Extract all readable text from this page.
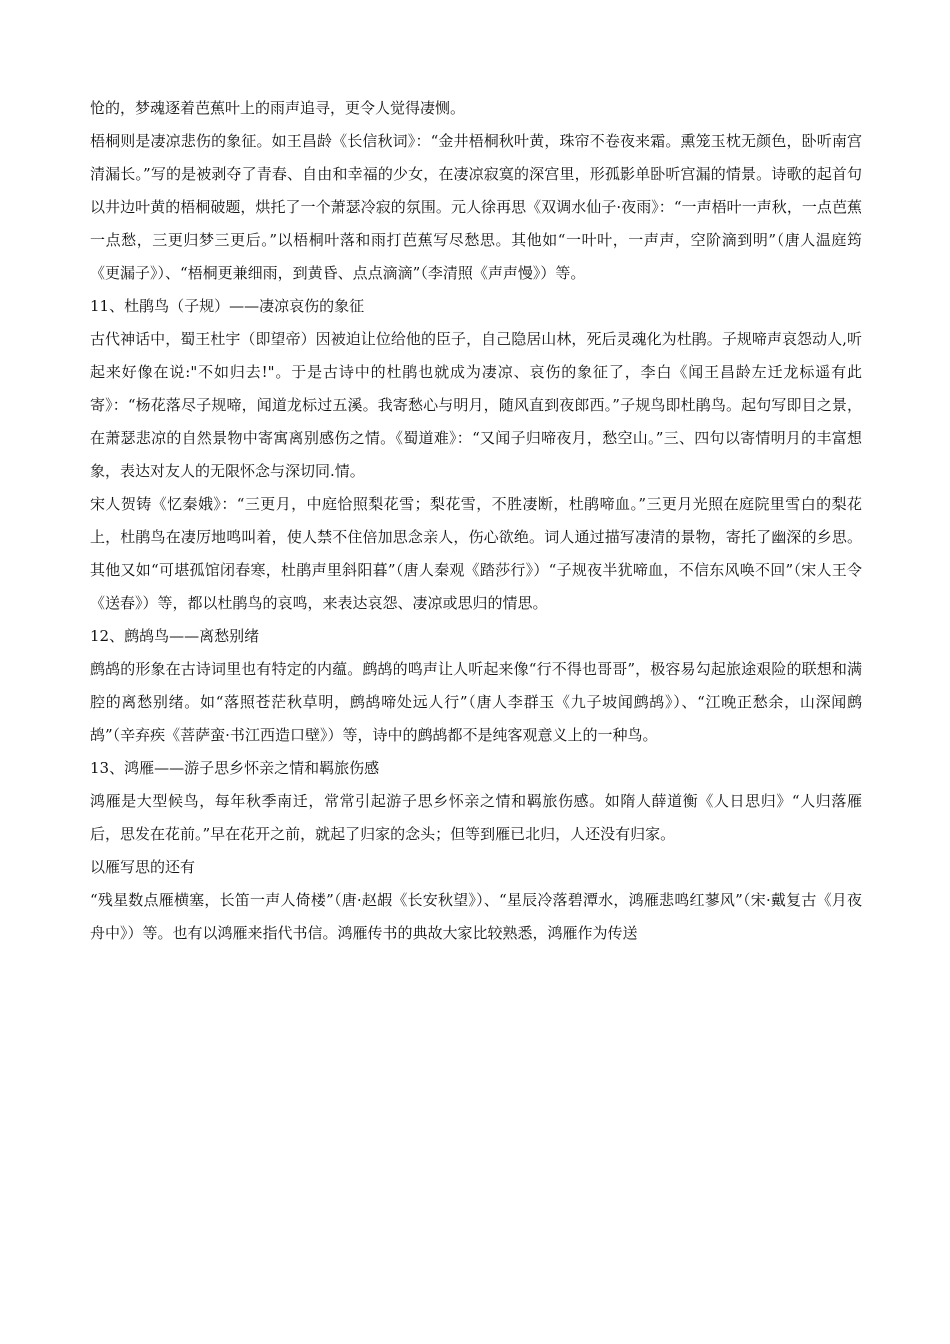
怆的，梦魂逐着芭蕉叶上的雨声追寻，更令人觉得凄恻。

梧桐则是凄凉悲伤的象征。如王昌龄《长信秋词》：“金井梧桐秋叶黄，珠帘不卷夜来霜。熏笼玉枕无颜色，卧听南宫清漏长。”写的是被剥夺了青春、自由和幸福的少女，在凄凉寂寞的深宫里，形孤影单卧听宫漏的情景。诗歌的起首句以井边叶黄的梧桐破题，烘托了一个萧瑟冷寂的氛围。元人徐再思《双调水仙子·夜雨》：“一声梧叶一声秋，一点芭蕉一点愁，三更归梦三更后。”以梧桐叶落和雨打芭蕉写尽愁思。其他如“一叶叶，一声声，空阶滴到明”（唐人温庭筠《更漏子》）、“梧桐更兼细雨，到黄昏、点点滴滴”（李清照《声声慢》）等。

11、杜鹃鸟（子规）——凄凉哀伤的象征

古代神话中，蜀王杜宇（即望帝）因被迫让位给他的臣子，自己隐居山林，死后灵魂化为杜鹃。子规啼声哀怨动人,听起来好像在说:"不如归去!"。于是古诗中的杜鹃也就成为凄凉、哀伤的象征了，李白《闻王昌龄左迁龙标遥有此寄》：“杨花落尽子规啼，闻道龙标过五溪。我寄愁心与明月，随风直到夜郎西。”子规鸟即杜鹃鸟。起句写即目之景，在萧瑟悲凉的自然景物中寄寓离别感伤之情。《蜀道难》：“又闻子归啼夜月，愁空山。”三、四句以寄情明月的丰富想象，表达对友人的无限怀念与深切同.情。

宋人贺铸《忆秦娥》：“三更月，中庭恰照梨花雪；梨花雪，不胜凄断，杜鹃啼血。”三更月光照在庭院里雪白的梨花上，杜鹃鸟在凄厉地鸣叫着，使人禁不住倍加思念亲人，伤心欲绝。词人通过描写凄清的景物，寄托了幽深的乡思。其他又如“可堪孤馆闭春寒，杜鹃声里斜阳暮”（唐人秦观《踏莎行》）“子规夜半犹啼血，不信东风唤不回”（宋人王令《送春》）等，都以杜鹃鸟的哀鸣，来表达哀怨、凄凉或思归的情思。

12、鹧鸪鸟——离愁别绪

鹧鸪的形象在古诗词里也有特定的内蕴。鹧鸪的鸣声让人听起来像“行不得也哥哥”，极容易勾起旅途艰险的联想和满腔的离愁别绪。如“落照苍茫秋草明，鹧鸪啼处远人行”（唐人李群玉《九子坡闻鹧鸪》）、“江晚正愁余，山深闻鹧鸪”（辛弃疾《菩萨蛮·书江西造口壁》）等，诗中的鹧鸪都不是纯客观意义上的一种鸟。

13、鸿雁——游子思乡怀亲之情和羁旅伤感

鸿雁是大型候鸟，每年秋季南迁，常常引起游子思乡怀亲之情和羁旅伤感。如隋人薛道衡《人日思归》“人归落雁后，思发在花前。”早在花开之前，就起了归家的念头；但等到雁已北归，人还没有归家。

以雁写思的还有

“残星数点雁横塞，长笛一声人倚楼”（唐·赵嘏《长安秋望》）、“星辰冷落碧潭水，鸿雁悲鸣红蓼风”（宋·戴复古《月夜舟中》）等。也有以鸿雁来指代书信。鸿雁传书的典故大家比较熟悉，鸿雁作为传送
